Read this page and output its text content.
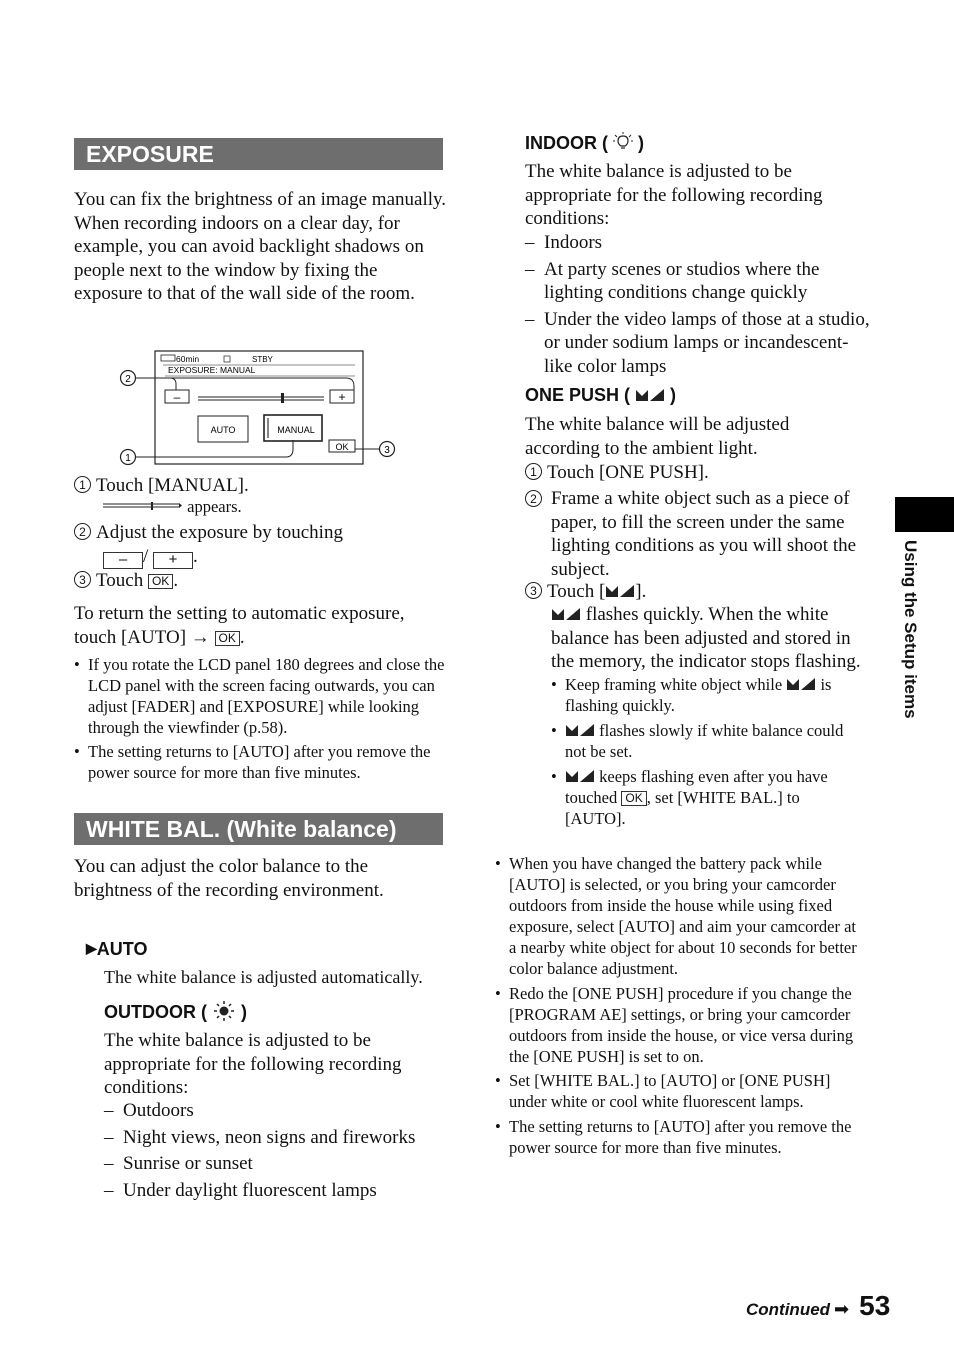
EXPOSURE
You can fix the brightness of an image manually. When recording indoors on a clear day, for example, you can avoid backlight shadows on people next to the window by fixing the exposure to that of the wall side of the room.
60min	STBY
EXPOSURE: MANUAL
–	+
AUTO	MANUAL
OK
2
1
3
1 Touch [MANUAL].
appears.
2 Adjust the exposure by touching
– / + .
3 Touch OK .
To return the setting to automatic exposure, touch [AUTO] → OK .
• If you rotate the LCD panel 180 degrees and close the LCD panel with the screen facing outwards, you can adjust [FADER] and [EXPOSURE] while looking through the viewfinder (p.58).
• The setting returns to [AUTO] after you remove the power source for more than five minutes.
WHITE BAL. (White balance)
You can adjust the color balance to the brightness of the recording environment.
▶AUTO
The white balance is adjusted automatically.
OUTDOOR ( )
The white balance is adjusted to be appropriate for the following recording conditions:
–  Outdoors
–  Night views, neon signs and fireworks
–  Sunrise or sunset
–  Under daylight fluorescent lamps
INDOOR ( )
The white balance is adjusted to be appropriate for the following recording conditions:
– Indoors
– At party scenes or studios where the lighting conditions change quickly
– Under the video lamps of those at a studio, or under sodium lamps or incandescent-like color lamps
ONE PUSH ( )
The white balance will be adjusted according to the ambient light.
1 Touch [ONE PUSH].
2 Frame a white object such as a piece of paper, to fill the screen under the same lighting conditions as you will shoot the subject.
3 Touch [ ].
flashes quickly. When the white balance has been adjusted and stored in the memory, the indicator stops flashing.
• Keep framing white object while is flashing quickly.
•	flashes slowly if white balance could not be set.
•	keeps flashing even after you have touched OK , set [WHITE BAL.] to [AUTO].
• When you have changed the battery pack while [AUTO] is selected, or you bring your camcorder outdoors from inside the house while using fixed exposure, select [AUTO] and aim your camcorder at a nearby white object for about 10 seconds for better color balance adjustment.
• Redo the [ONE PUSH] procedure if you change the [PROGRAM AE] settings, or bring your camcorder outdoors from inside the house, or vice versa during the [ONE PUSH] is set to on.
• Set [WHITE BAL.] to [AUTO] or [ONE PUSH] under white or cool white fluorescent lamps.
• The setting returns to [AUTO] after you remove the power source for more than five minutes.
Using the Setup items
Continued ➡ 53
